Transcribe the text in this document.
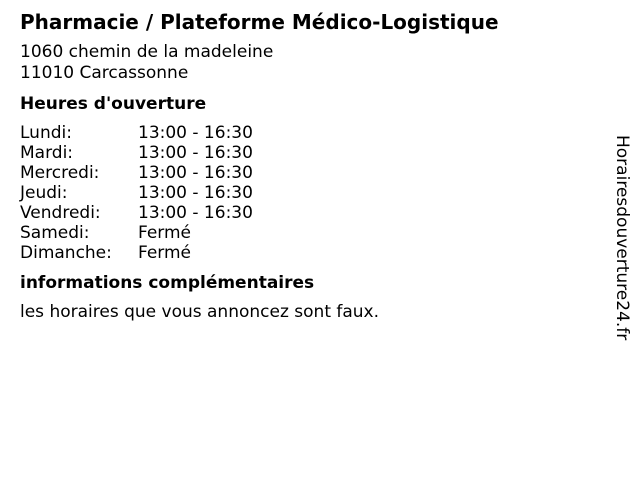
Pharmacie / Plateforme Médico-Logistique
1060 chemin de la madeleine
11010 Carcassonne
Heures d'ouverture
Lundi:	13:00 - 16:30
Mardi:	13:00 - 16:30
Mercredi:	13:00 - 16:30
Jeudi:	13:00 - 16:30
Vendredi:	13:00 - 16:30
Samedi:	Fermé
Dimanche:	Fermé
informations complémentaires
les horaires que vous annoncez sont faux.	Horairesdouverture24.fr
